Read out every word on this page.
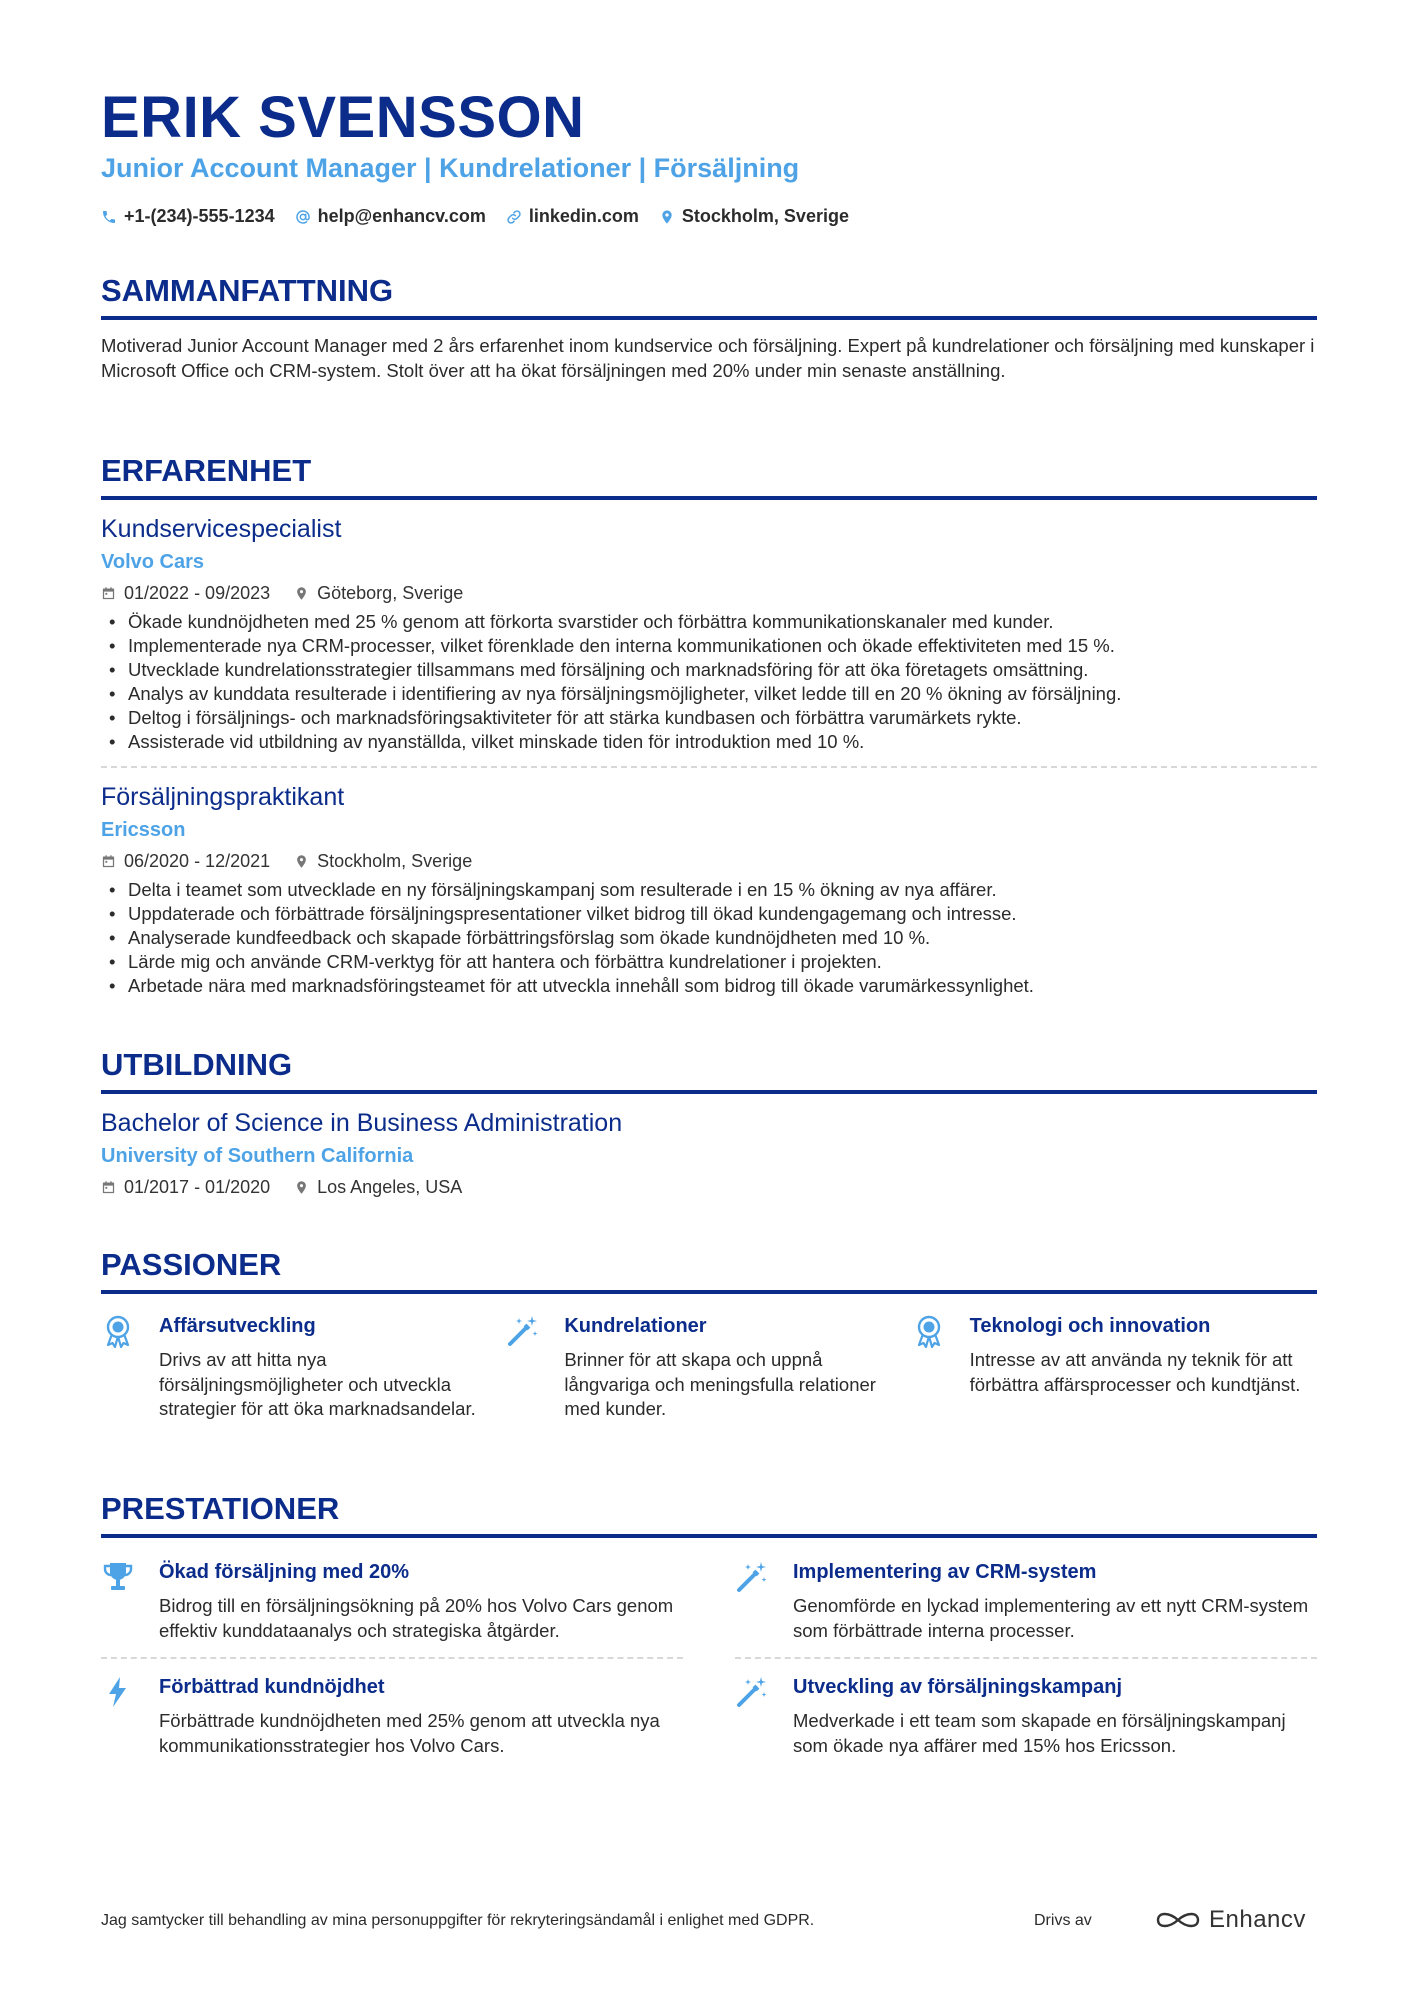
ERIK SVENSSON
Junior Account Manager | Kundrelationer | Försäljning
+1-(234)-555-1234 help@enhancv.com linkedin.com Stockholm, Sverige
SAMMANFATTNING
Motiverad Junior Account Manager med 2 års erfarenhet inom kundservice och försäljning. Expert på kundrelationer och försäljning med kunskaper i Microsoft Office och CRM-system. Stolt över att ha ökat försäljningen med 20% under min senaste anställning.
ERFARENHET
Kundservicespecialist
Volvo Cars
01/2022 - 09/2023	Göteborg, Sverige
• Ökade kundnöjdheten med 25 % genom att förkorta svarstider och förbättra kommunikationskanaler med kunder.
• Implementerade nya CRM-processer, vilket förenklade den interna kommunikationen och ökade effektiviteten med 15 %.
• Utvecklade kundrelationsstrategier tillsammans med försäljning och marknadsföring för att öka företagets omsättning.
• Analys av kunddata resulterade i identifiering av nya försäljningsmöjligheter, vilket ledde till en 20 % ökning av försäljning.
• Deltog i försäljnings- och marknadsföringsaktiviteter för att stärka kundbasen och förbättra varumärkets rykte.
• Assisterade vid utbildning av nyanställda, vilket minskade tiden för introduktion med 10 %.
Försäljningspraktikant
Ericsson
06/2020 - 12/2021	Stockholm, Sverige
• Delta i teamet som utvecklade en ny försäljningskampanj som resulterade i en 15 % ökning av nya affärer.
• Uppdaterade och förbättrade försäljningspresentationer vilket bidrog till ökad kundengagemang och intresse.
• Analyserade kundfeedback och skapade förbättringsförslag som ökade kundnöjdheten med 10 %.
• Lärde mig och använde CRM-verktyg för att hantera och förbättra kundrelationer i projekten.
• Arbetade nära med marknadsföringsteamet för att utveckla innehåll som bidrog till ökade varumärkessynlighet.
UTBILDNING
Bachelor of Science in Business Administration
University of Southern California
01/2017 - 01/2020	Los Angeles, USA
PASSIONER
Affärsutveckling
Drivs av att hitta nya försäljningsmöjligheter och utveckla strategier för att öka marknadsandelar.
Kundrelationer
Brinner för att skapa och uppnå långvariga och meningsfulla relationer med kunder.
Teknologi och innovation
Intresse av att använda ny teknik för att förbättra affärsprocesser och kundtjänst.
PRESTATIONER
Ökad försäljning med 20%
Bidrog till en försäljningsökning på 20% hos Volvo Cars genom effektiv kunddataanalys och strategiska åtgärder.
Implementering av CRM-system
Genomförde en lyckad implementering av ett nytt CRM-system som förbättrade interna processer.
Förbättrad kundnöjdhet
Förbättrade kundnöjdheten med 25% genom att utveckla nya kommunikationsstrategier hos Volvo Cars.
Utveckling av försäljningskampanj
Medverkade i ett team som skapade en försäljningskampanj som ökade nya affärer med 15% hos Ericsson.
Jag samtycker till behandling av mina personuppgifter för rekryteringsändamål i enlighet med GDPR.	Drivs av	Enhancv
